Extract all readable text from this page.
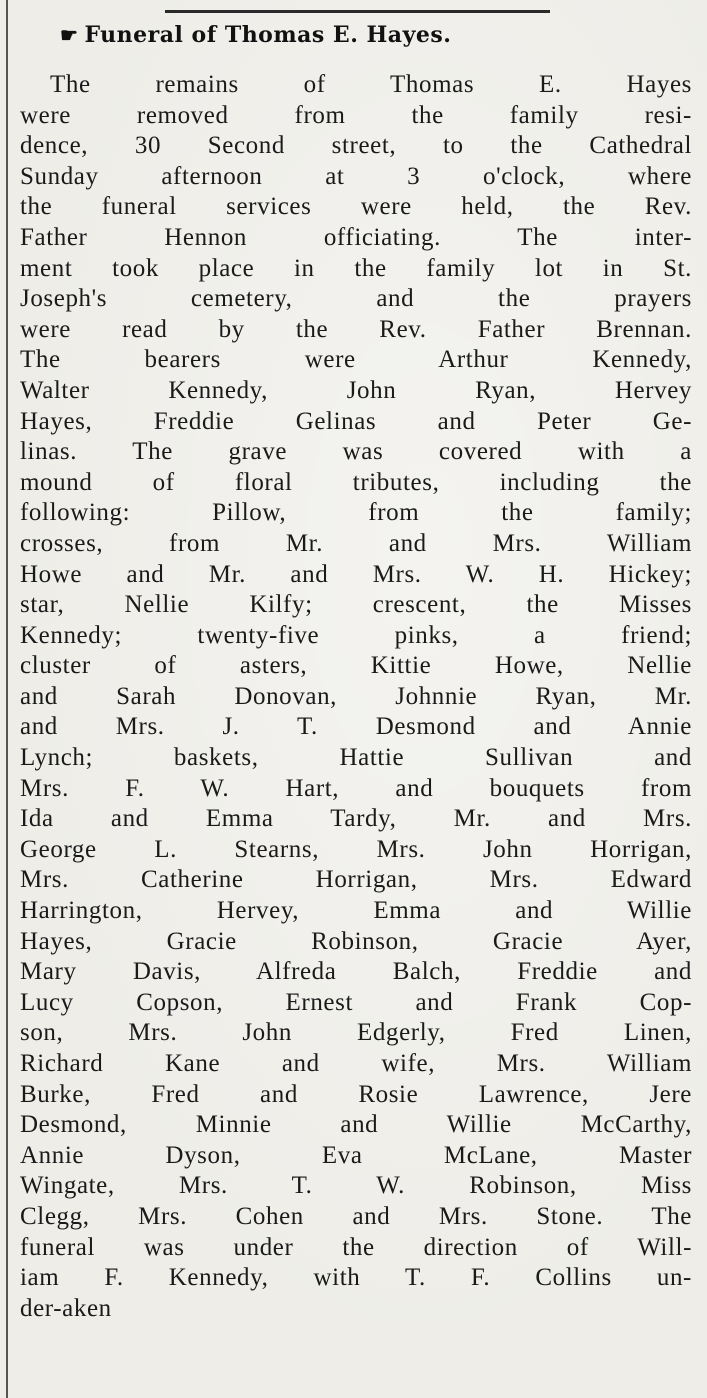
☛ Funeral of Thomas E. Hayes.
The remains of Thomas E. Hayes
were removed from the family resi-
dence, 30 Second street, to the Cathedral
Sunday afternoon at 3 o'clock, where
the funeral services were held, the Rev.
Father Hennon officiating. The inter-
ment took place in the family lot in St.
Joseph's cemetery, and the prayers
were read by the Rev. Father Brennan.
The bearers were Arthur Kennedy,
Walter Kennedy, John Ryan, Hervey
Hayes, Freddie Gelinas and Peter Ge-
linas. The grave was covered with a
mound of floral tributes, including the
following: Pillow, from the family;
crosses, from Mr. and Mrs. William
Howe and Mr. and Mrs. W. H. Hickey;
star, Nellie Kilfy; crescent, the Misses
Kennedy; twenty-five pinks, a friend;
cluster of asters, Kittie Howe, Nellie
and Sarah Donovan, Johnnie Ryan, Mr.
and Mrs. J. T. Desmond and Annie
Lynch; baskets, Hattie Sullivan and
Mrs. F. W. Hart, and bouquets from
Ida and Emma Tardy, Mr. and Mrs.
George L. Stearns, Mrs. John Horrigan,
Mrs. Catherine Horrigan, Mrs. Edward
Harrington, Hervey, Emma and Willie
Hayes, Gracie Robinson, Gracie Ayer,
Mary Davis, Alfreda Balch, Freddie and
Lucy Copson, Ernest and Frank Cop-
son, Mrs. John Edgerly, Fred Linen,
Richard Kane and wife, Mrs. William
Burke, Fred and Rosie Lawrence, Jere
Desmond, Minnie and Willie McCarthy,
Annie Dyson, Eva McLane, Master
Wingate, Mrs. T. W. Robinson, Miss
Clegg, Mrs. Cohen and Mrs. Stone. The
funeral was under the direction of Will-
iam F. Kennedy, with T. F. Collins un-
der-aken
